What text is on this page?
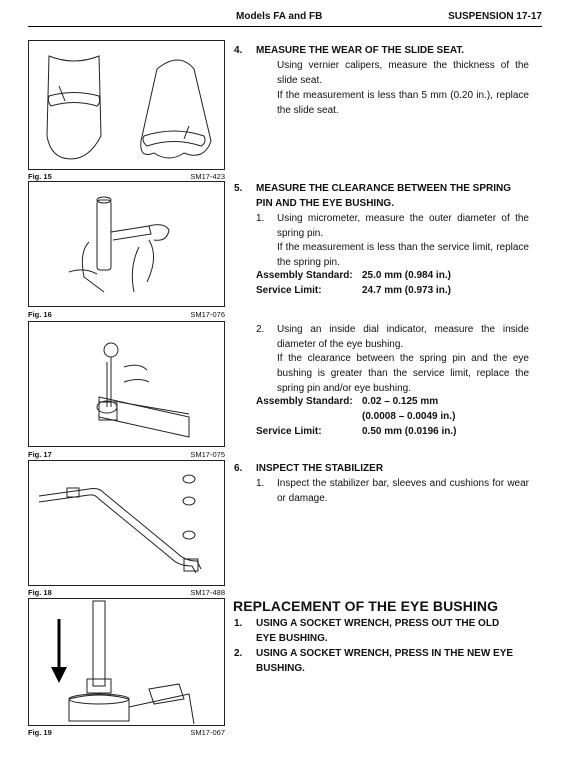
Models FA and FB	SUSPENSION 17-17
Fig. 15	SM17-423
Fig. 16	SM17-076
Fig. 17	SM17-075
Fig. 18	SM17-488
Fig. 19	SM17-067
4. MEASURE THE WEAR OF THE SLIDE SEAT.
Using vernier calipers, measure the thickness of the slide seat.
If the measurement is less than 5 mm (0.20 in.), replace the slide seat.
5. MEASURE THE CLEARANCE BETWEEN THE SPRING
PIN AND THE EYE BUSHING.
1. Using micrometer, measure the outer diameter of the spring pin.
If the measurement is less than the service limit, replace the spring pin.
Assembly Standard: 25.0 mm (0.984 in.)
Service Limit:	24.7 mm (0.973 in.)
2. Using an inside dial indicator, measure the inside diameter of the eye bushing.
If the clearance between the spring pin and the eye bushing is greater than the service limit, replace the spring pin and/or eye bushing.
Assembly Standard: 0.02 – 0.125 mm
(0.0008 – 0.0049 in.)
Service Limit:	0.50 mm (0.0196 in.)
6. INSPECT THE STABILIZER
1. Inspect the stabilizer bar, sleeves and cushions for wear or damage.
REPLACEMENT OF THE EYE BUSHING
1. USING A SOCKET WRENCH, PRESS OUT THE OLD
EYE BUSHING.
2. USING A SOCKET WRENCH, PRESS IN THE NEW EYE
BUSHING.
